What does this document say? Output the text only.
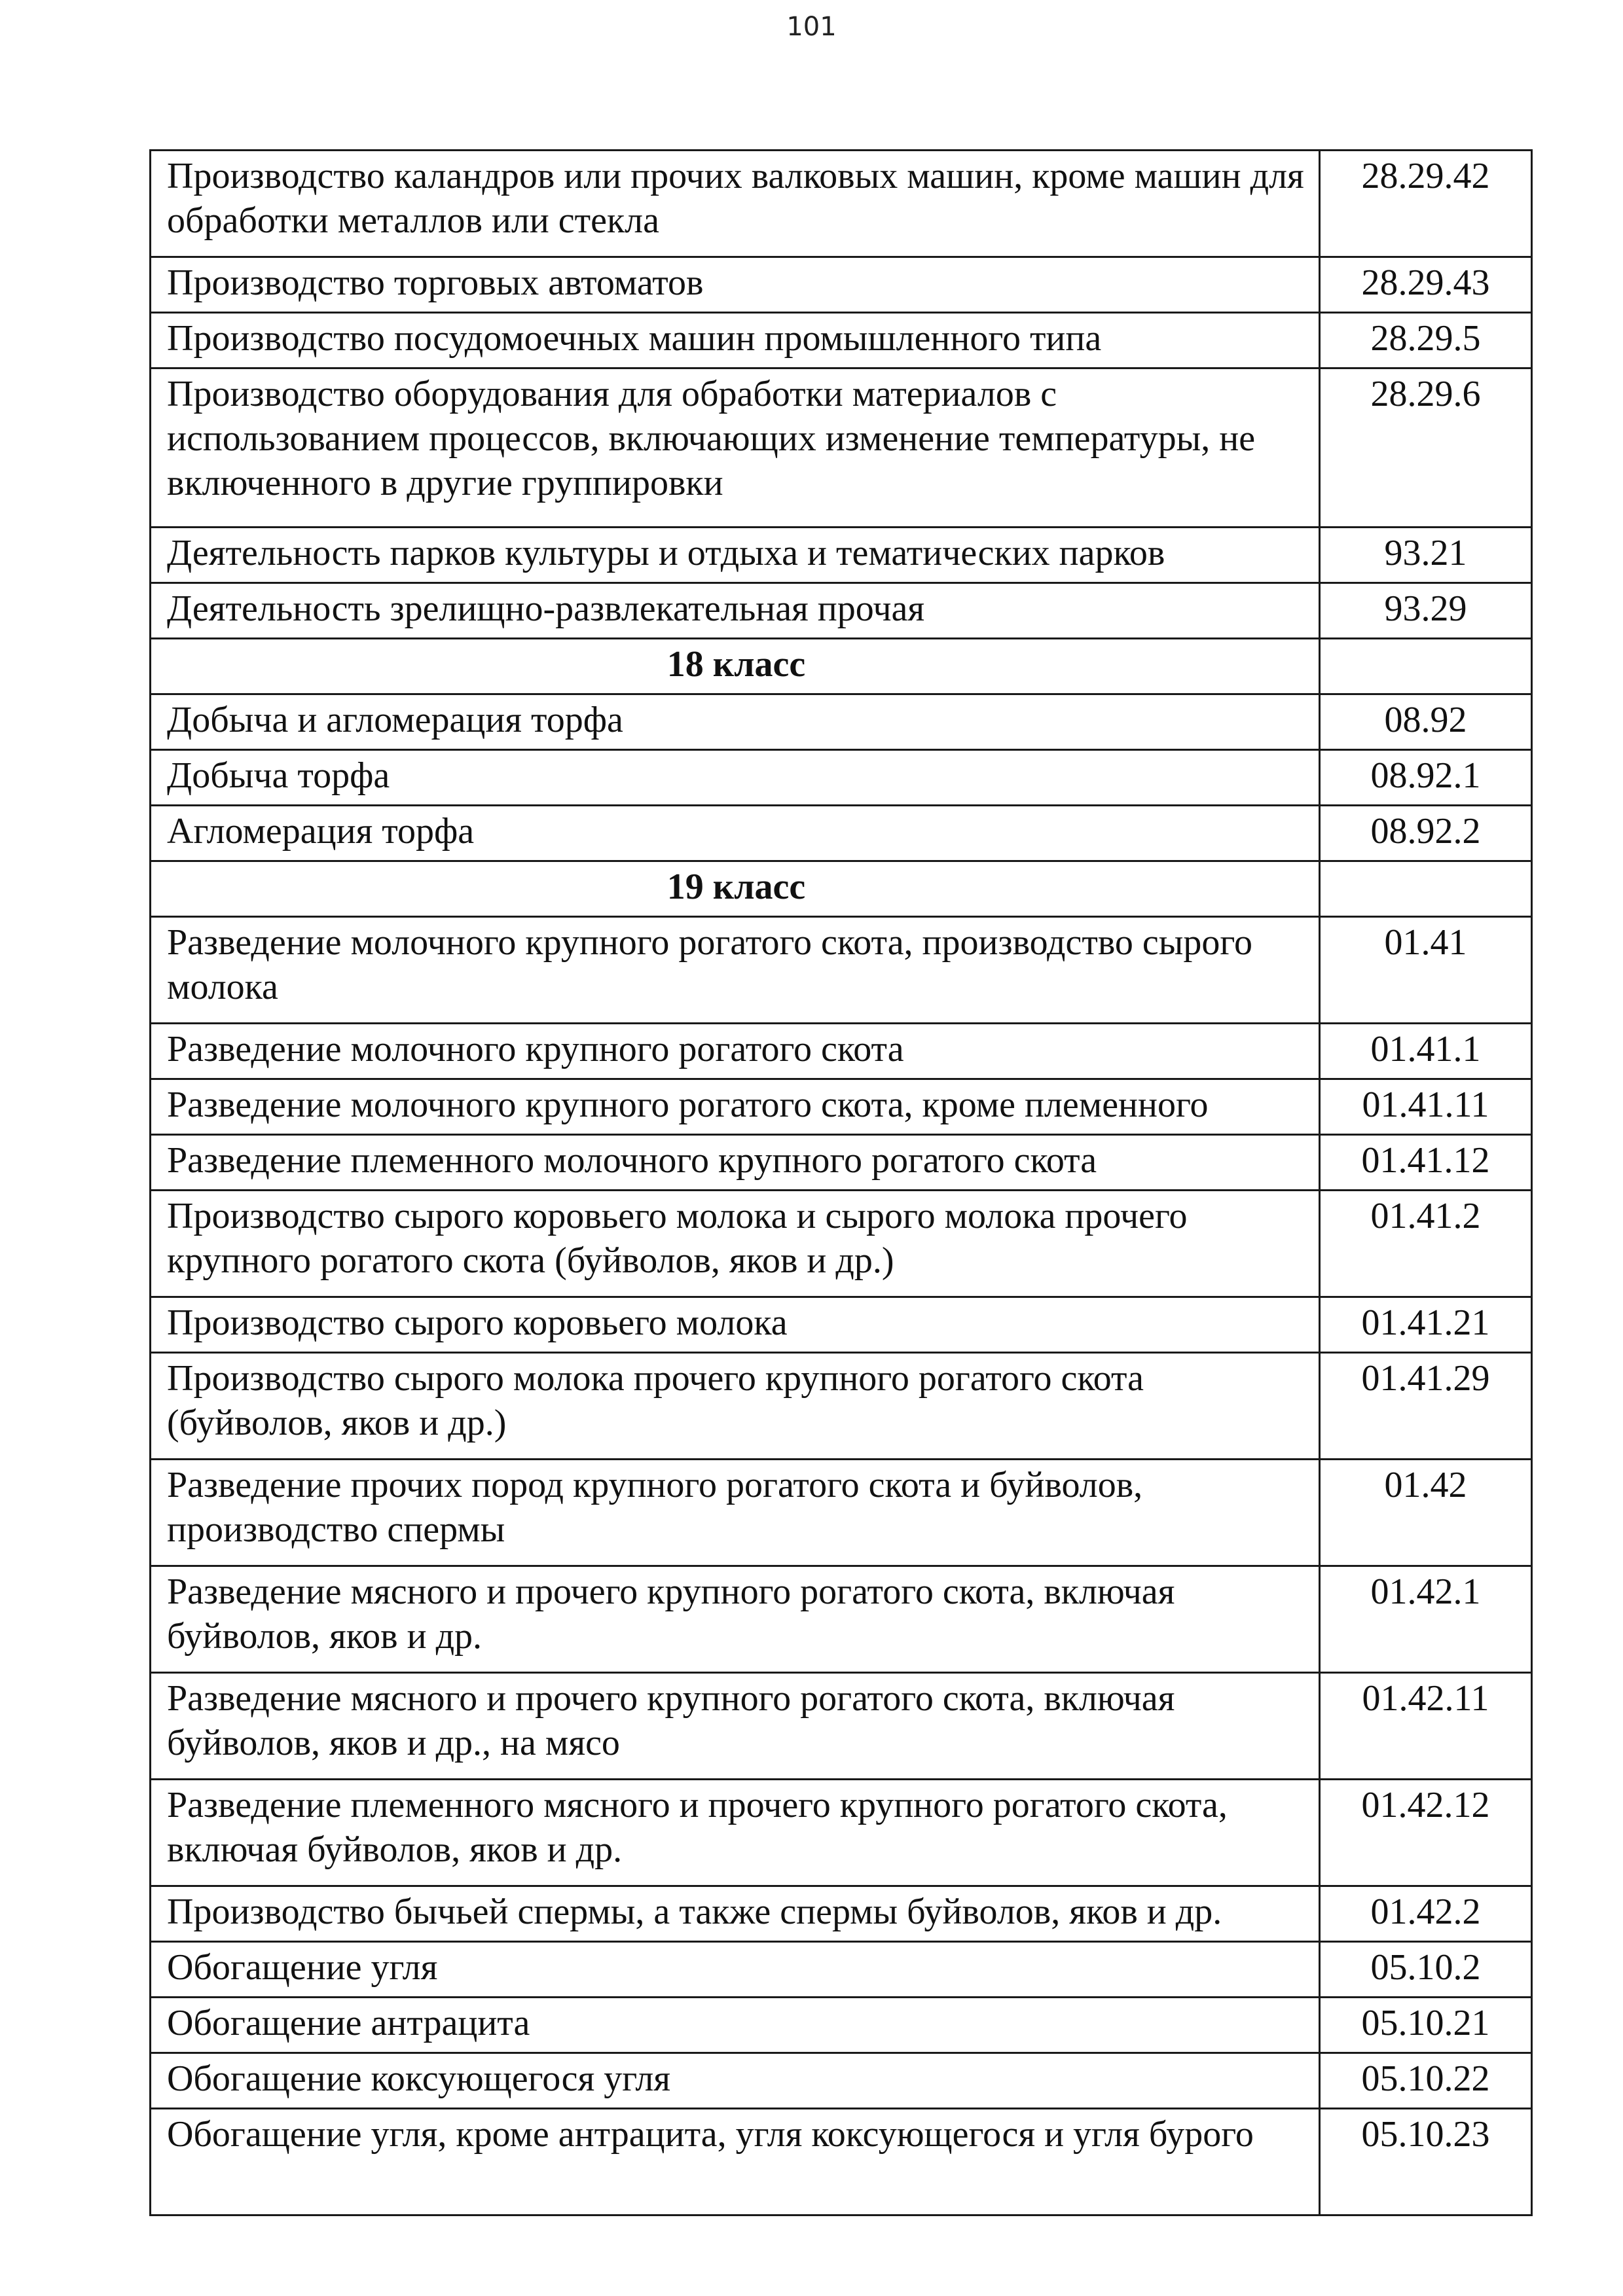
101
Производство каландров или прочих валковых машин, кроме машин для обработки металлов или стекла	28.29.42
Производство торговых автоматов	28.29.43
Производство посудомоечных машин промышленного типа	28.29.5
Производство оборудования для обработки материалов с использованием процессов, включающих изменение температуры, не включенного в другие группировки	28.29.6
Деятельность парков культуры и отдыха и тематических парков	93.21
Деятельность зрелищно-развлекательная прочая	93.29
18 класс	
Добыча и агломерация торфа	08.92
Добыча торфа	08.92.1
Агломерация торфа	08.92.2
19 класс	
Разведение молочного крупного рогатого скота, производство сырого молока	01.41
Разведение молочного крупного рогатого скота	01.41.1
Разведение молочного крупного рогатого скота, кроме племенного	01.41.11
Разведение племенного молочного крупного рогатого скота	01.41.12
Производство сырого коровьего молока и сырого молока прочего крупного рогатого скота (буйволов, яков и др.)	01.41.2
Производство сырого коровьего молока	01.41.21
Производство сырого молока прочего крупного рогатого скота (буйволов, яков и др.)	01.41.29
Разведение прочих пород крупного рогатого скота и буйволов, производство спермы	01.42
Разведение мясного и прочего крупного рогатого скота, включая буйволов, яков и др.	01.42.1
Разведение мясного и прочего крупного рогатого скота, включая буйволов, яков и др., на мясо	01.42.11
Разведение племенного мясного и прочего крупного рогатого скота, включая буйволов, яков и др.	01.42.12
Производство бычьей спермы, а также спермы буйволов, яков и др.	01.42.2
Обогащение угля	05.10.2
Обогащение антрацита	05.10.21
Обогащение коксующегося угля	05.10.22
Обогащение угля, кроме антрацита, угля коксующегося и угля бурого	05.10.23
